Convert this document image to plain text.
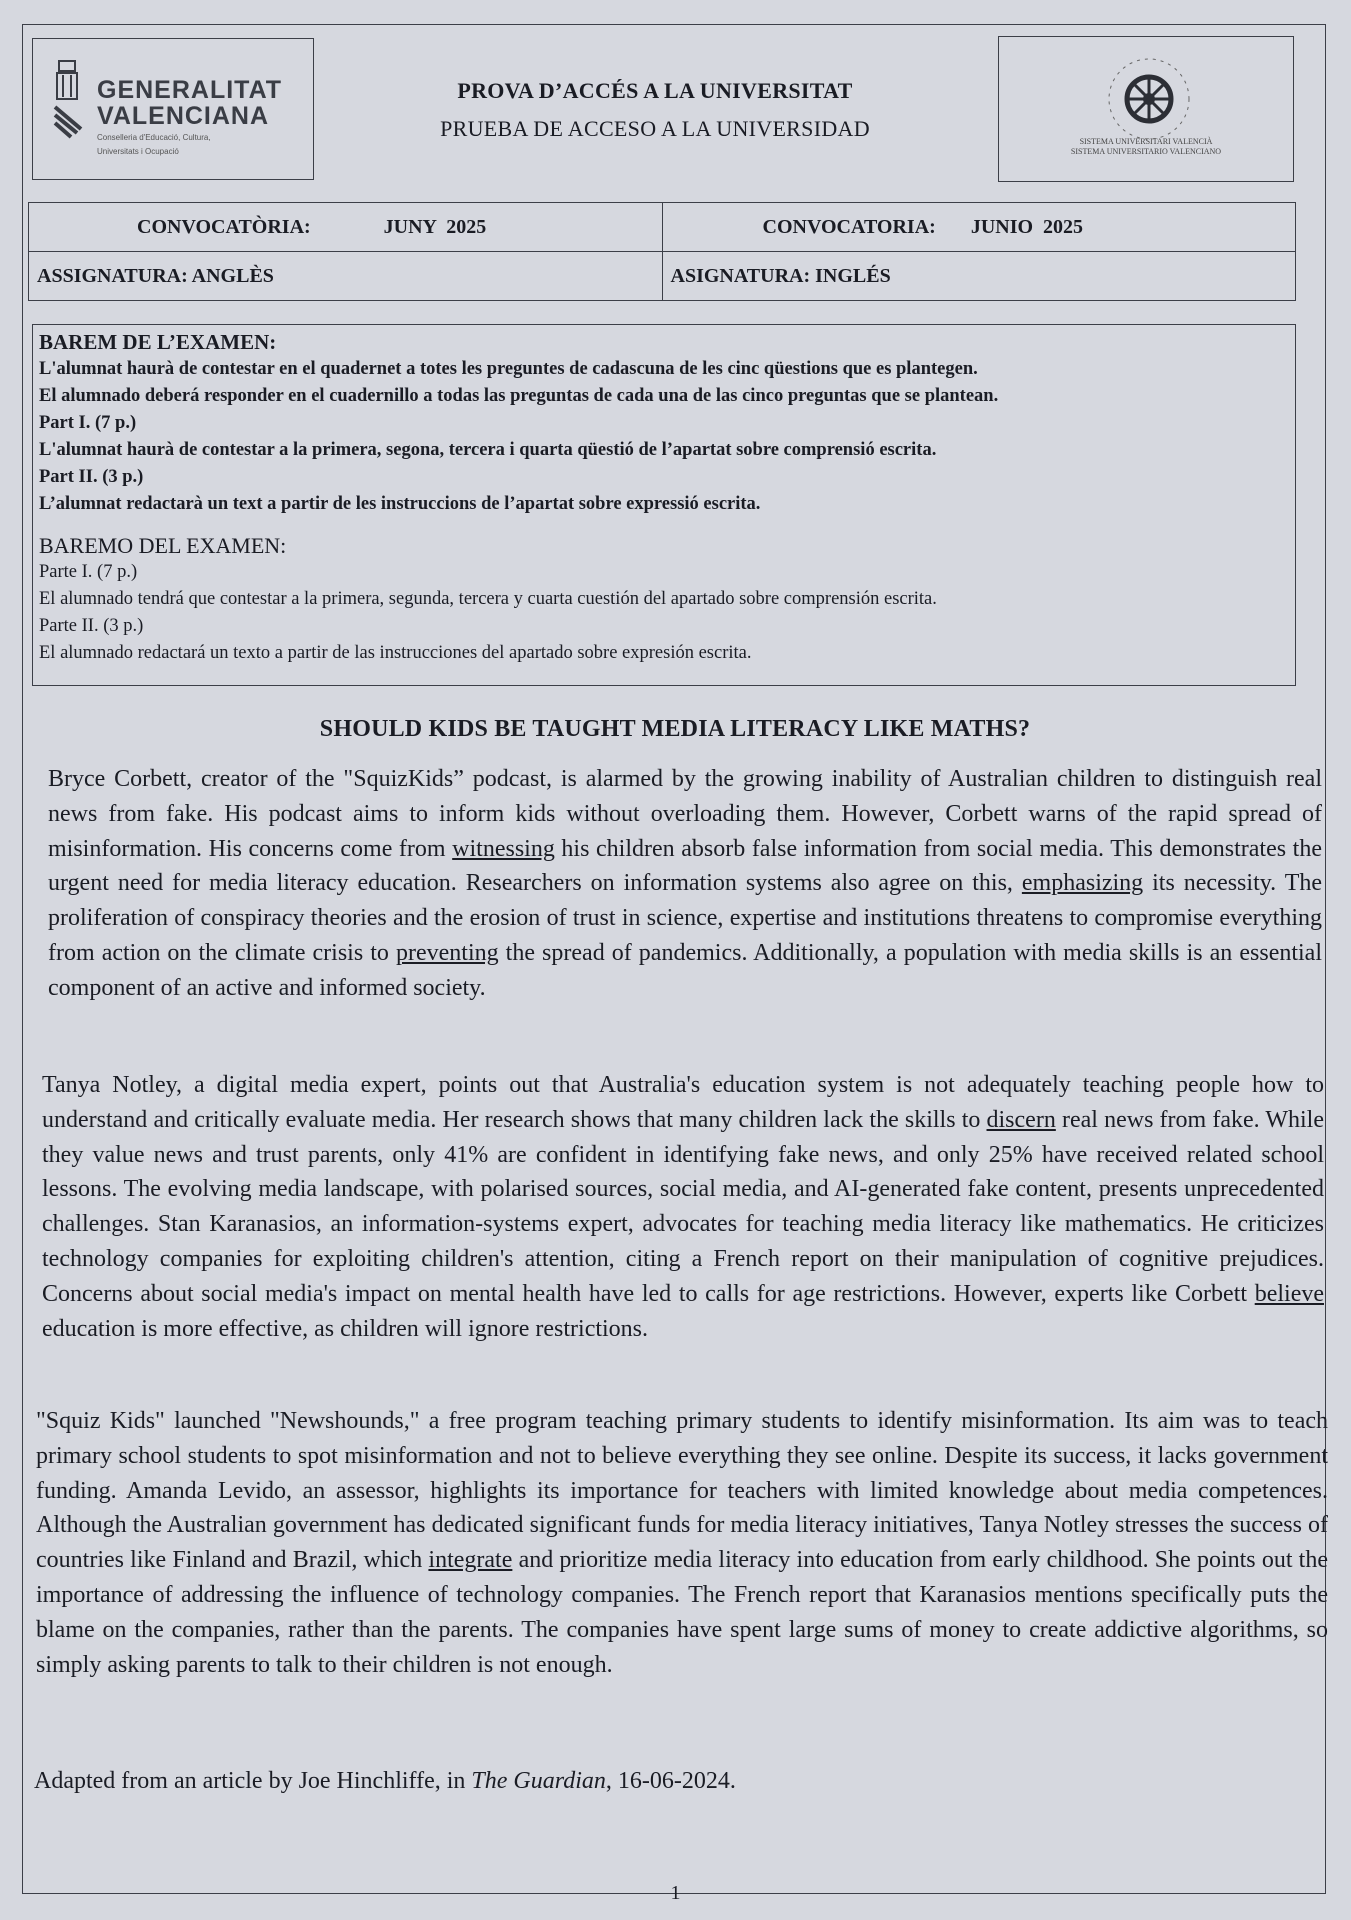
GENERALITAT
VALENCIANA
Conselleria d'Educació, Cultura,
Universitats i Ocupació
PROVA D’ACCÉS A LA UNIVERSITAT
PRUEBA DE ACCESO A LA UNIVERSIDAD
SISTEMA UNIVERSITARI VALENCIÀ
SISTEMA UNIVERSITARIO VALENCIANO
CONVOCATÒRIA: JUNY  2025	CONVOCATORIA: JUNIO  2025
ASSIGNATURA: ANGLÈS	ASIGNATURA: INGLÉS
BAREM DE L’EXAMEN:
L'alumnat haurà de contestar en el quadernet a totes les preguntes de cadascuna de les cinc qüestions que es plantegen.
El alumnado deberá responder en el cuadernillo a todas las preguntas de cada una de las cinco preguntas que se plantean.
Part I. (7 p.)
L'alumnat haurà de contestar a la primera, segona, tercera i quarta qüestió de l’apartat sobre comprensió escrita.
Part II. (3 p.)
L’alumnat redactarà un text a partir de les instruccions de l’apartat sobre expressió escrita.
BAREMO DEL EXAMEN:
Parte I. (7 p.)
El alumnado tendrá que contestar a la primera, segunda, tercera y cuarta cuestión del apartado sobre comprensión escrita.
Parte II. (3 p.)
El alumnado redactará un texto a partir de las instrucciones del apartado sobre expresión escrita.
SHOULD KIDS BE TAUGHT MEDIA LITERACY LIKE MATHS?
Bryce Corbett, creator of the "SquizKids” podcast, is alarmed by the growing inability of Australian children to distinguish real news from fake. His podcast aims to inform kids without overloading them. However, Corbett warns of the rapid spread of misinformation. His concerns come from witnessing his children absorb false information from social media. This demonstrates the urgent need for media literacy education. Researchers on information systems also agree on this, emphasizing its necessity. The proliferation of conspiracy theories and the erosion of trust in science, expertise and institutions threatens to compromise everything from action on the climate crisis to preventing the spread of pandemics. Additionally, a population with media skills is an essential component of an active and informed society.
Tanya Notley, a digital media expert, points out that Australia's education system is not adequately teaching people how to understand and critically evaluate media. Her research shows that many children lack the skills to discern real news from fake. While they value news and trust parents, only 41% are confident in identifying fake news, and only 25% have received related school lessons. The evolving media landscape, with polarised sources, social media, and AI-generated fake content, presents unprecedented challenges. Stan Karanasios, an information-systems expert, advocates for teaching media literacy like mathematics. He criticizes technology companies for exploiting children's attention, citing a French report on their manipulation of cognitive prejudices. Concerns about social media's impact on mental health have led to calls for age restrictions. However, experts like Corbett believe education is more effective, as children will ignore restrictions.
"Squiz Kids" launched "Newshounds," a free program teaching primary students to identify misinformation. Its aim was to teach primary school students to spot misinformation and not to believe everything they see online. Despite its success, it lacks government funding. Amanda Levido, an assessor, highlights its importance for teachers with limited knowledge about media competences. Although the Australian government has dedicated significant funds for media literacy initiatives, Tanya Notley stresses the success of countries like Finland and Brazil, which integrate and prioritize media literacy into education from early childhood. She points out the importance of addressing the influence of technology companies. The French report that Karanasios mentions specifically puts the blame on the companies, rather than the parents. The companies have spent large sums of money to create addictive algorithms, so simply asking parents to talk to their children is not enough.
Adapted from an article by Joe Hinchliffe, in The Guardian, 16-06-2024.
1
